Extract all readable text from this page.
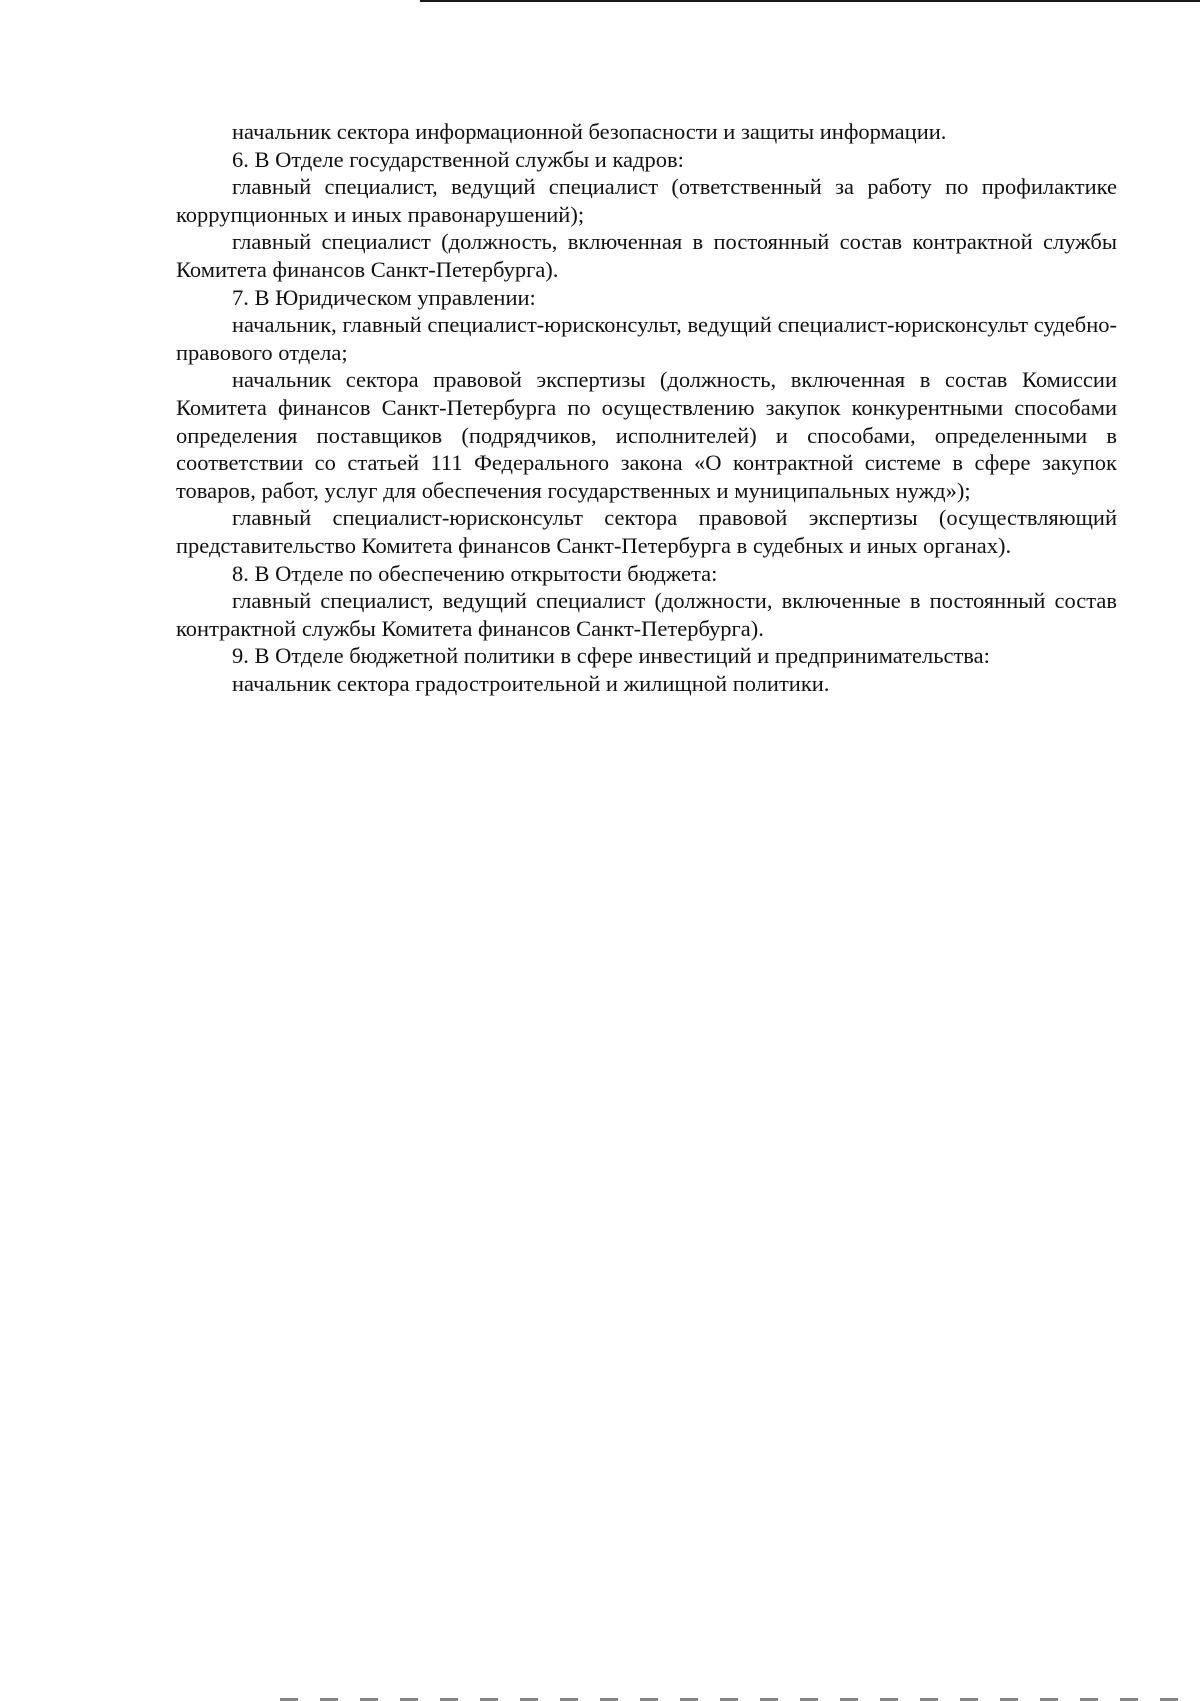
начальник сектора информационной безопасности и защиты информации.

6. В Отделе государственной службы и кадров:

главный специалист, ведущий специалист (ответственный за работу по профилактике коррупционных и иных правонарушений);

главный специалист (должность, включенная в постоянный состав контрактной службы Комитета финансов Санкт-Петербурга).

7. В Юридическом управлении:

начальник, главный специалист-юрисконсульт, ведущий специалист-юрисконсульт судебно-правового отдела;

начальник сектора правовой экспертизы (должность, включенная в состав Комиссии Комитета финансов Санкт-Петербурга по осуществлению закупок конкурентными способами определения поставщиков (подрядчиков, исполнителей) и способами, определенными в соответствии со статьей 111 Федерального закона «О контрактной системе в сфере закупок товаров, работ, услуг для обеспечения государственных и муниципальных нужд»);

главный специалист-юрисконсульт сектора правовой экспертизы (осуществляющий представительство Комитета финансов Санкт-Петербурга в судебных и иных органах).

8. В Отделе по обеспечению открытости бюджета:

главный специалист, ведущий специалист (должности, включенные в постоянный состав контрактной службы Комитета финансов Санкт-Петербурга).

9. В Отделе бюджетной политики в сфере инвестиций и предпринимательства:

начальник сектора градостроительной и жилищной политики.
